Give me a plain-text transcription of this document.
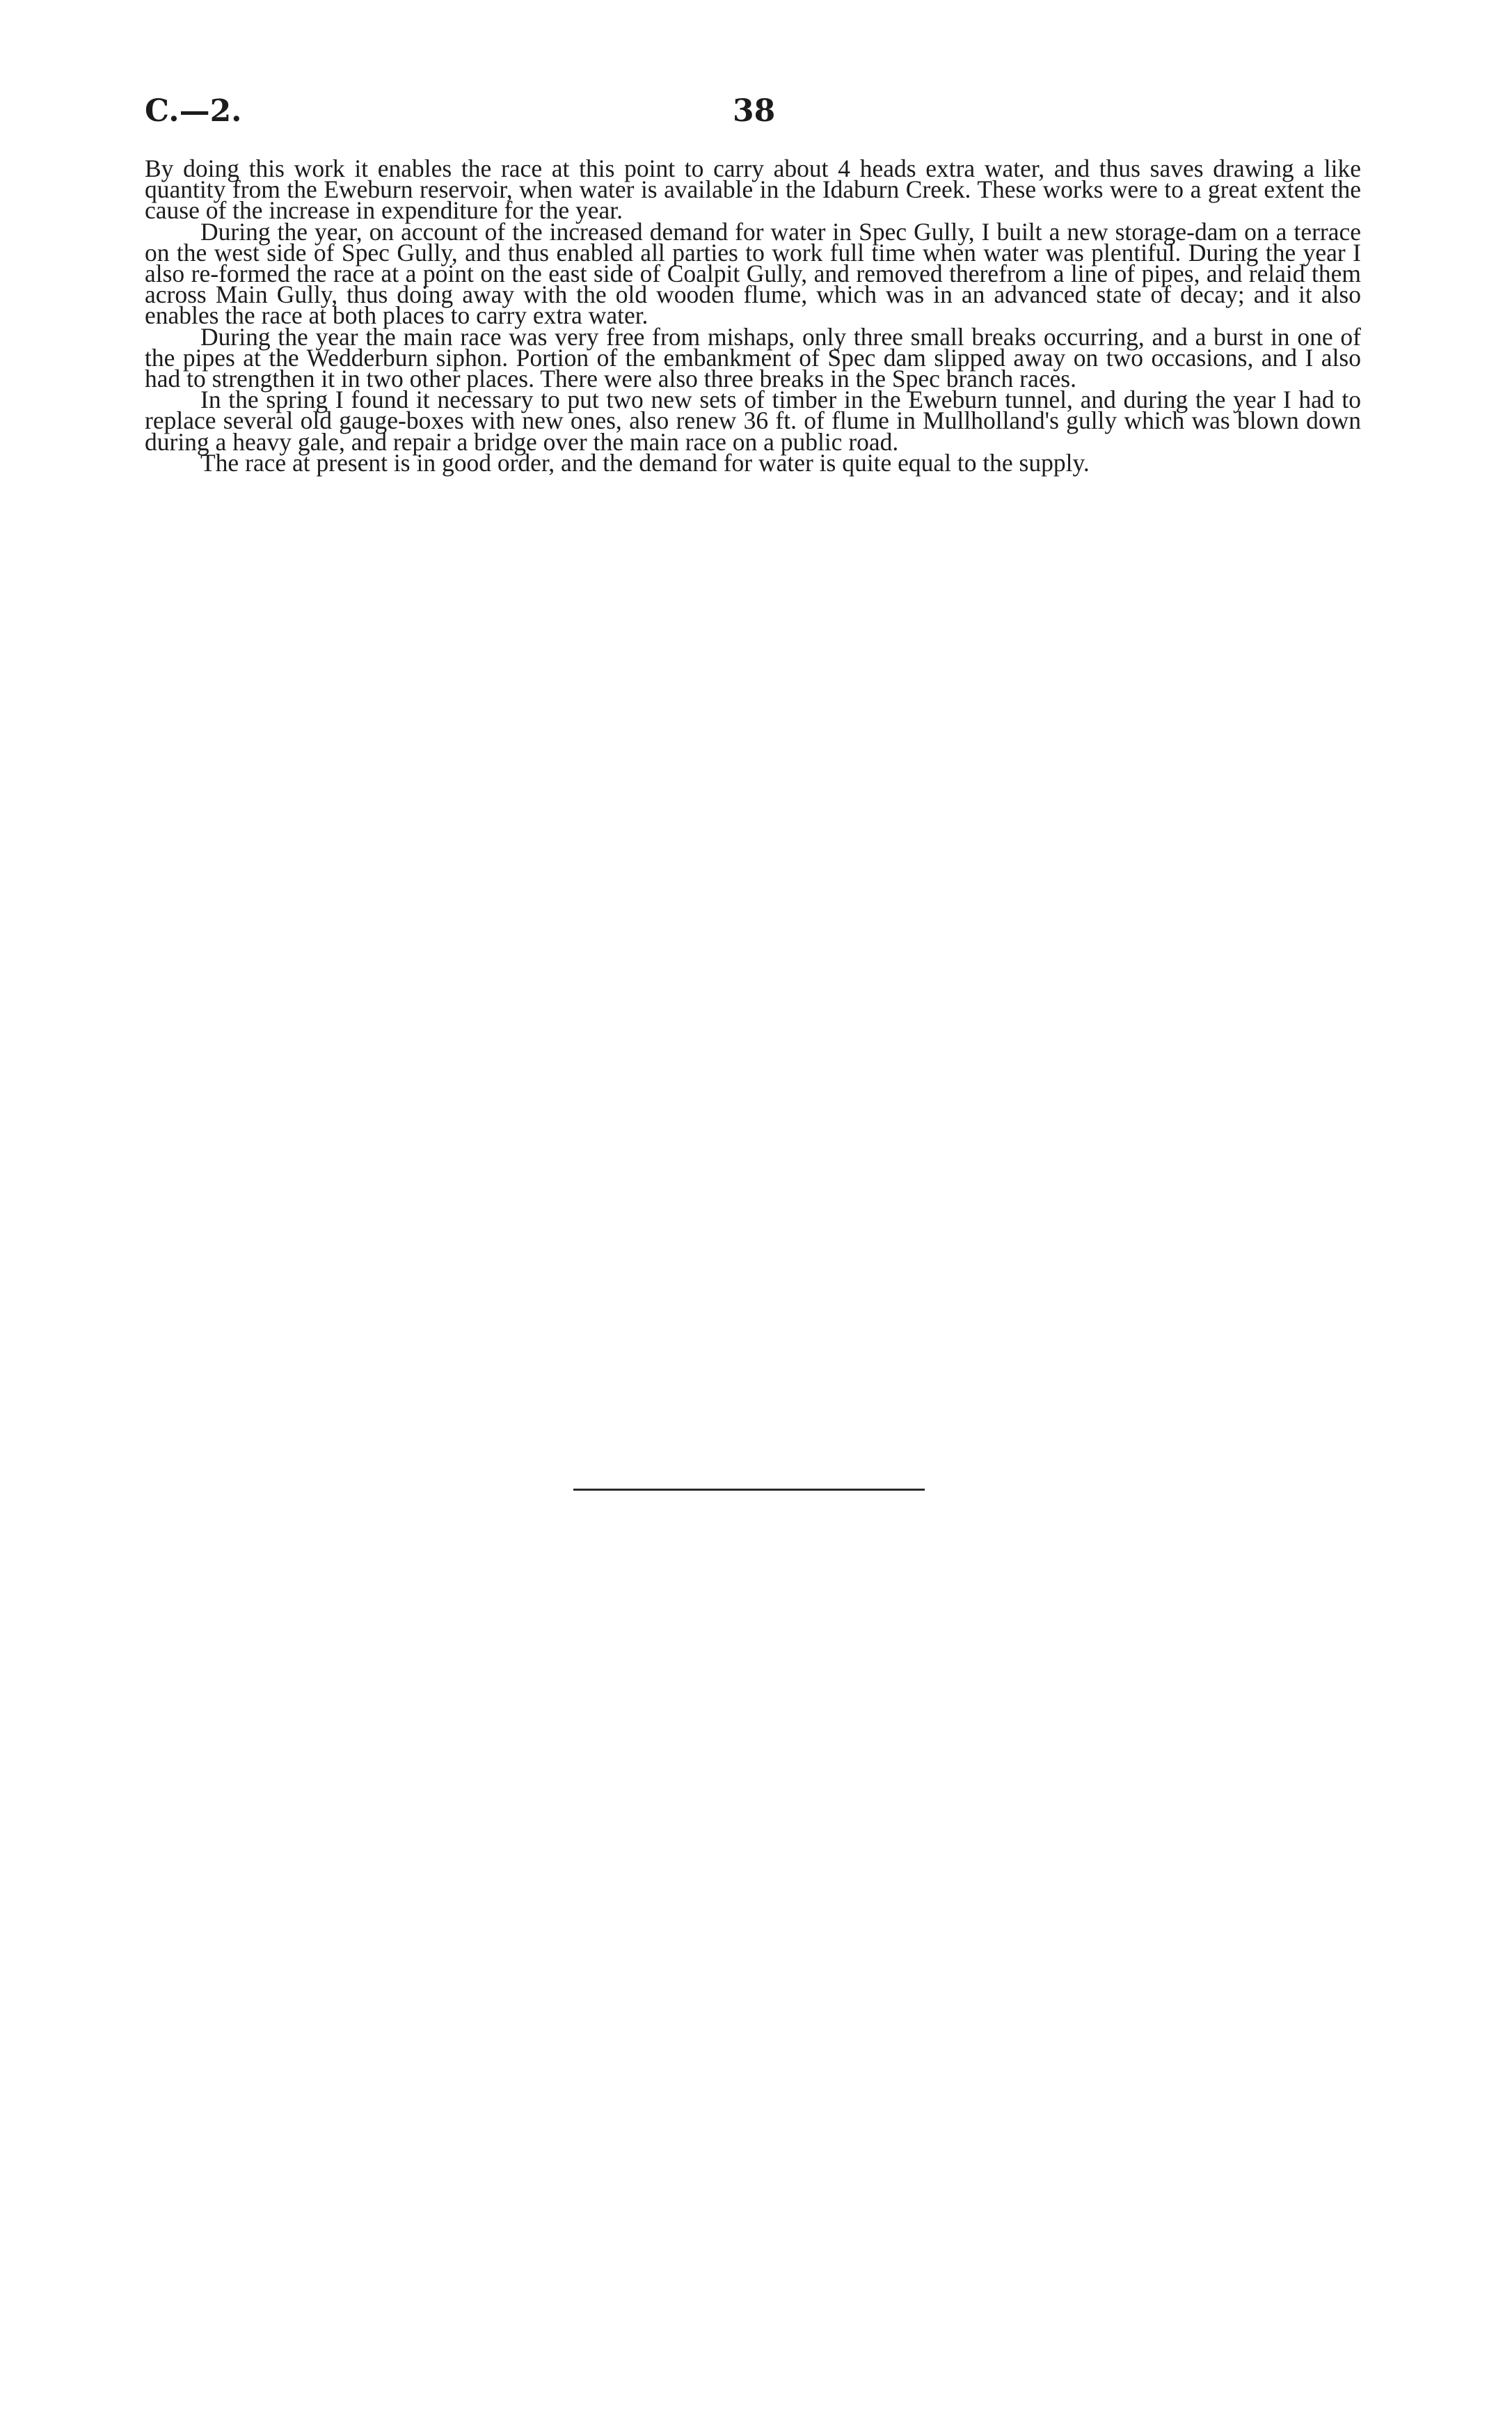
C.—2.	38

By doing this work it enables the race at this point to carry about 4 heads extra water, and thus saves drawing a like quantity from the Eweburn reservoir, when water is available in the Idaburn Creek. These works were to a great extent the cause of the increase in expenditure for the year.

During the year, on account of the increased demand for water in Spec Gully, I built a new storage-dam on a terrace on the west side of Spec Gully, and thus enabled all parties to work full time when water was plentiful. During the year I also re-formed the race at a point on the east side of Coalpit Gully, and removed therefrom a line of pipes, and relaid them across Main Gully, thus doing away with the old wooden flume, which was in an advanced state of decay; and it also enables the race at both places to carry extra water.

During the year the main race was very free from mishaps, only three small breaks occurring, and a burst in one of the pipes at the Wedderburn siphon. Portion of the embankment of Spec dam slipped away on two occasions, and I also had to strengthen it in two other places. There were also three breaks in the Spec branch races.

In the spring I found it necessary to put two new sets of timber in the Eweburn tunnel, and during the year I had to replace several old gauge-boxes with new ones, also renew 36 ft. of flume in Mullholland's gully which was blown down during a heavy gale, and repair a bridge over the main race on a public road.

The race at present is in good order, and the demand for water is quite equal to the supply.
